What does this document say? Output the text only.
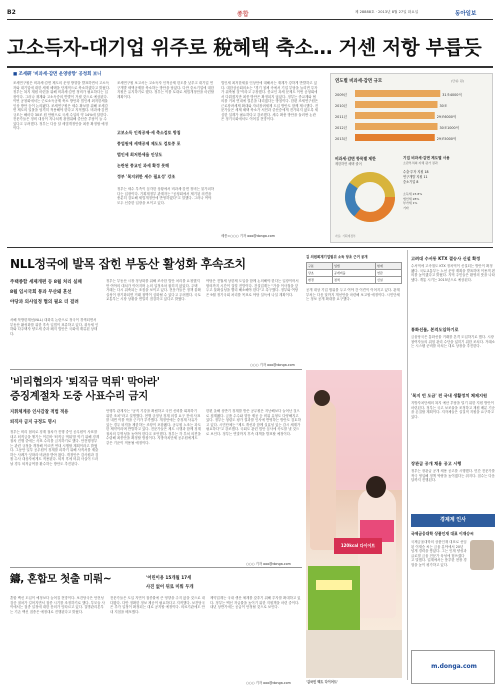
B2	종합	제 28888호 · 2013년 8월 27일 화요일	동아일보
고소득자-대기업 위주로 稅혜택 축소… 거센 저항 부릅듯
■ 조세硏 '비과세·감면 운영방향' 공청회 보니
조세연구원은 비과세·감면 제도의 운영 방향을 발표하면서 고소득자와 대기업에 대한 세제 혜택을 단계적으로 축소하겠다고 밝혔다. 정부는 복지 재원 마련을 위해 비과세·감면 정비가 필요하다는 입장이다. 그러나 재계와 고소득층의 반발이 거셀 것으로 예상된다. 이번 공청회에서는 근로소득공제 축소 방안과 법인세 최저한세율 인상 방안 등이 논의됐다. 조세연구원은 세수 확보를 위해 조세감면 제도의 일몰을 엄격히 적용해야 한다고 지적했다. 비과세·감면 규모는 해마다 30조 원 안팎으로 국세 수입의 약 14%에 달한다. 전문가들은 정비 대상이 지나치게 광범위해 중산층 부담이 늘 수 있다고 우려했다. 정부는 다음 달 세법개정안을 최종 확정할 예정이다.
조세연구원 보고서는 고소득자 인적공제 한도를 낮추고 대기업 연구개발 세액공제를 축소하는 방안을 담았다. 다만 중소기업에 대한 지원은 유지하기로 했다. 정부는 이를 토대로 세법개정안을 마련할 계획이다.
고보소득 인적공제·세 축소검토 방침
종업원에 세액공제 제도도 검토중 포
법인세 최저한세율 인상도
논란된 종교인 과세 확정 못해
정부 '복지위한 세수 필요성' 강조
정부는 세수 부족이 심각한 상황에서 비과세·감면 정비는 불가피하다는 입장이다. 기획재정부 관계자는 "공청회에서 제기된 의견을 충분히 검토해 세법개정안에 반영하겠다"고 말했다. 그러나 여야 모두 신중한 입장을 보이고 있다.
법인세 최저한세율 인상안에 대해서는 재계가 강하게 반발하고 있다. 대한상공회의소는 "경기 침체 속에서 기업 부담을 늘리면 투자가 위축될 것"이라고 주장했다. 종교인 과세 문제도 이번 공청회에서 다뤄졌지만 최종 방안은 확정되지 않았다. 정부는 종교계와 협의를 거쳐 연내에 결론을 내리겠다는 방침이다. 한편 조세연구원은 근로장려세제 확대와 자녀장려세제 도입 방안도 함께 제시했다. 전문가들은 세제 혜택 축소가 서민과 중산층에게 전가되지 않도록 세심한 설계가 필요하다고 강조했다. 세수 확충 방안을 둘러싼 논란은 정기국회에서도 이어질 전망이다.
세종=○○○ 기자 ooo@donga.com
연도별 비과세·감면 규모	(단위: 원)
2009년	31조4000억
2010년	30조
2011년	29조6000억
2012년	30조1000억
2013년	29조5000억
비과세·감면 항목별 제한
제한하면 혜택 줄어
기업 비과세·감면 제도별 사용
소관부처의 자체 평가 결과
수출·투자 지원 18
연구개발 지원 11
중소기업 8
소득세 23.8%
법인세 28%
부가세 1%
기타
자료: 기획재정부
NLL정국에 발목 잡힌 부동산 활성화 후속조치
주택종합 세제개편 등 8월 처리 실패
8월 임시국회 통과 무산돼 혼선
야당과 의사일정 협의 필요 더 걸려
서해 북방한계선(NLL) 대화록 논란으로 정국이 경색되면서 부동산 활성화를 위한 후속 입법이 표류하고 있다. 취득세 인하와 다주택자 양도세 중과 폐지 법안은 국회에 계류된 상태다.
정부는 부동산 시장 정상화를 위해 조속한 법안 처리를 요청했지만 여야의 대치가 이어지며 논의 일정조차 잡히지 않았다. 주택 거래는 다시 위축되는 조짐을 보이고 있다. 전문가들은 정책 불확실성이 장기화되면 거래 절벽이 심화될 수 있다고 우려했다. 국토교통부는 시장 상황을 면밀히 점검하고 있다고 밝혔다.
야당은 전월세 상한제 도입을 함께 논의해야 한다는 입장이어서 합의까지 시간이 걸릴 전망이다. 건설업계는 "가을 이사철을 앞두고 불확실성을 빨리 해소해야 한다"고 촉구했다. 정부와 여당은 9월 정기국회 처리를 목표로 야당 설득에 나설 계획이다.
○○○ 기자 ooo@donga.com
김 의원회계기업범위 소득 당초 근거 공개
구분	입법	현재
당초	공개비율	연감
변경	정책	신설
공개 대상 기업 범위를 두고 여야 간 이견이 이어지고 있다. 관계 부처는 다음 달까지 개선안을 마련해 보고할 예정이다. 시민단체는 정보 공개 확대를 요구했다.
'비리협의자 '퇴직금 먹튀' 막아라'
증징계절차 도중 사표수리 금지
지휘체계중 인사감찰 적법 적용
퇴직자 금지 규정도 명시
정부는 비리 혐의로 징계 절차가 진행 중인 공무원이 사표를 내고 퇴직금을 챙기는 이른바 '퇴직금 먹튀'를 막기 위해 징계 절차 진행 중에는 사표 수리를 금지하기로 했다. 안전행정부는 관련 규정을 개정해 이르면 연내 시행할 계획이라고 밝혔다. 그동안 일부 공무원이 징계를 피하기 위해 사직서를 제출하는 사례가 잇따라 비판을 받아 왔다. 개정안은 감사원과 검찰 수사 대상자에게도 적용된다. 퇴직 후에 비위 사실이 드러날 경우 퇴직급여를 환수하는 방안도 추진된다.
안행부 관계자는 "공직 기강을 확립하고 국민 신뢰를 회복하기 위한 조치"라고 설명했다. 현행 규정상 징계 의결 요구 전에 사표를 내면 이를 막을 근거가 부족했다. 개정안에는 중징계 사유가 있는 경우 퇴직을 제한하는 조항이 포함됐다. 공무원 노조는 과도한 제약이라며 반발하고 있다. 전문가들은 제도 시행과 함께 징계 절차의 투명성을 높여야 한다고 조언했다. 정부는 각 부처 의견을 수렴해 최종안을 확정할 방침이다. 지방자치단체 공무원에게도 같은 기준이 적용될 예정이다.
한편 올해 상반기 징계를 받은 공무원은 지난해보다 늘어난 것으로 집계됐다. 금품 수수와 향응 제공 등 비위 유형도 다양해지고 있다. 정부는 청렴도 평가 결과를 인사에 반영하는 방안도 검토하고 있다. 시민단체는 "제도 개선과 함께 실효성 있는 감시 체계가 필요하다"고 강조했다. 국회도 관련 법안 심사에 속도를 낼 것으로 보인다. 정부는 연말까지 후속 대책을 발표할 예정이다.
○○○ 기자 ooo@donga.com
鑄, 혼합모 첫출 미뤄~	'어린이용 15개월 17세
사진 없어 뒤로 미뤄 두개
혼합 백신 도입이 예정보다 늦어질 전망이다. 보건당국은 안전성 검증 절차가 길어지면서 접종 시기를 조정하기로 했다. 부모들 사이에서는 접종 일정에 대한 문의가 잇따르고 있다. 질병관리본부는 기존 백신 접종은 예정대로 진행된다고 밝혔다.
전문가들은 도입 지연이 접종률에 큰 영향을 주지 않을 것으로 내다봤다. 다만 정확한 정보 제공이 필요하다고 지적했다. 보건당국은 추가 일정이 확정되는 대로 공지할 예정이다. 의료기관에도 안내 지침을 배포했다.
제약업계는 국내 생산 체계를 갖추기 위해 투자를 확대하고 있다. 정부는 백신 자급률을 높이기 위한 지원책을 마련 중이다. 내년 상반기에는 공급이 안정될 것으로 보인다.
○○○ 기자 ooo@donga.com
120kcal 다이어트
'김국민 맥도 다이어트'
고려대 수서동 KTX 결승사 신설 확정
수서역에 고속철도 KTX 정차역이 신설되는 방안이 확정됐다. 국토교통부는 노선 운영 계획을 발표하며 이용객 편의를 높이겠다고 밝혔다. 지역 주민들은 환영의 뜻을 나타냈다. 개통 시기는 2015년으로 예상된다.
통화선물, 본격도입하기로
금융당국은 통화선물 거래를 본격 도입하기로 했다. 시장 참여자들의 위험 관리 수단을 넓히기 위한 조치다. 거래소는 시스템 준비를 마치는 대로 상장을 추진한다.
'복지 빈 도금' 전 국내 생활정치 체제지원
지방자치단체의 복지 예산 부담을 덜기 위한 지원 방안이 마련된다. 정부는 국고 보조율을 조정하고 재원 배분 기준을 손질할 계획이다. 지자체들은 실질적 지원을 요구하고 있다.
장관급 공개 채용 공고 시행
정부는 장관급 공개 채용 공고를 시행했다. 민간 전문가를 적극 영입해 정책 역량을 높이겠다는 취지다. 접수는 다음 달까지 진행된다.
경제계 인사
국제금융대학 상품인재 대표 이재승씨
국제금융대학의 상품인재 대표로 선임된 이재승 씨는 금융 분야에서 20년 넘게 경력을 쌓았다. 그는 인재 양성과 글로벌 금융 전문가 육성에 힘쓰겠다고 말했다. 업계에서는 풍부한 현장 경험을 높이 평가하고 있다.
m.donga.com
